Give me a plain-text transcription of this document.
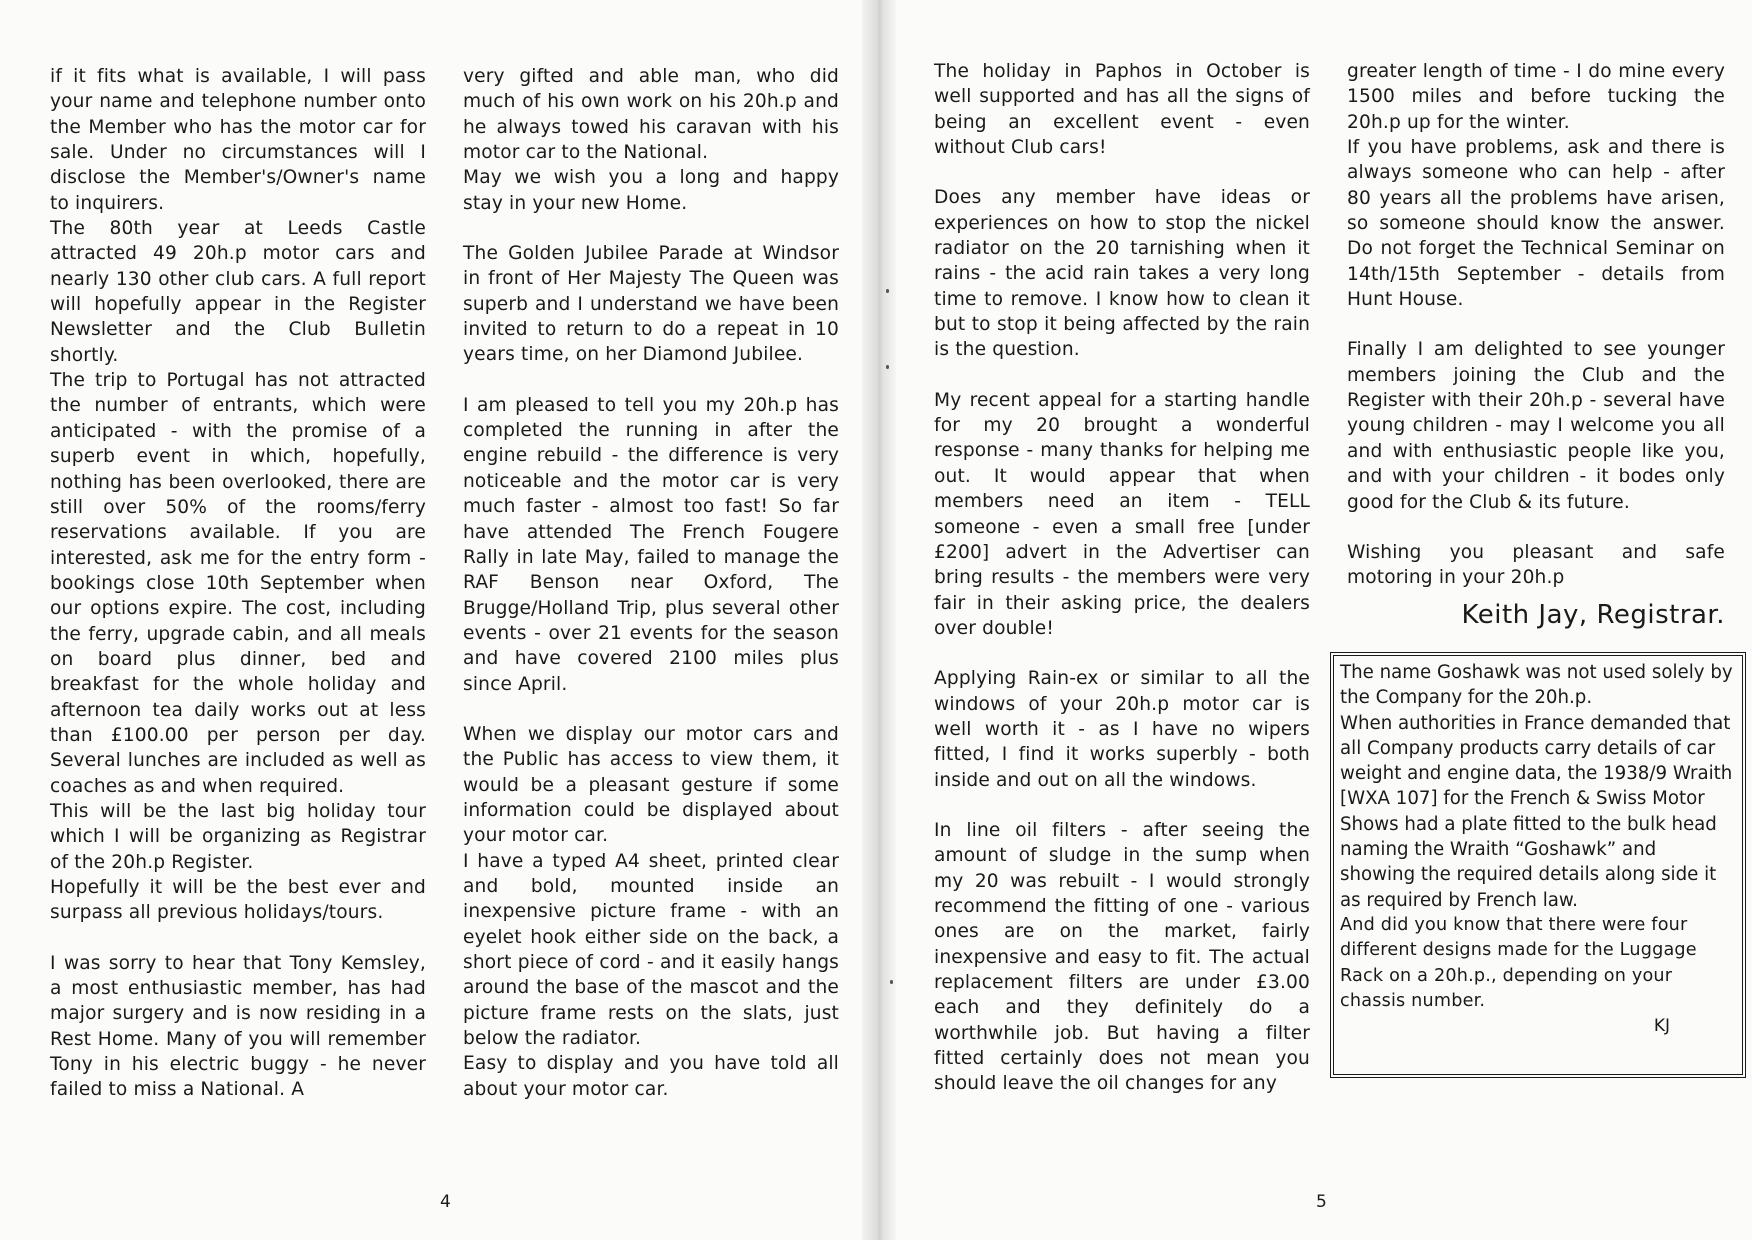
if it fits what is available, I will pass your name and telephone number onto the Member who has the motor car for sale. Under no circumstances will I disclose the Member's/Owner's name to inquirers.

The 80th year at Leeds Castle attracted 49 20h.p motor cars and nearly 130 other club cars. A full report will hopefully appear in the Register Newsletter and the Club Bulletin shortly.

The trip to Portugal has not attracted the number of entrants, which were anticipated - with the promise of a superb event in which, hopefully, nothing has been overlooked, there are still over 50% of the rooms/ferry reservations available. If you are interested, ask me for the entry form - bookings close 10th September when our options expire. The cost, including the ferry, upgrade cabin, and all meals on board plus dinner, bed and breakfast for the whole holiday and afternoon tea daily works out at less than £100.00 per person per day. Several lunches are included as well as coaches as and when required.

This will be the last big holiday tour which I will be organizing as Registrar of the 20h.p Register.

Hopefully it will be the best ever and surpass all previous holidays/tours.

I was sorry to hear that Tony Kemsley, a most enthusiastic member, has had major surgery and is now residing in a Rest Home. Many of you will remember Tony in his electric buggy - he never failed to miss a National. A

very gifted and able man, who did much of his own work on his 20h.p and he always towed his caravan with his motor car to the National.

May we wish you a long and happy stay in your new Home.

The Golden Jubilee Parade at Windsor in front of Her Majesty The Queen was superb and I understand we have been invited to return to do a repeat in 10 years time, on her Diamond Jubilee.

I am pleased to tell you my 20h.p has completed the running in after the engine rebuild - the difference is very noticeable and the motor car is very much faster - almost too fast! So far have attended The French Fougere Rally in late May, failed to manage the RAF Benson near Oxford, The Brugge/Holland Trip, plus several other events - over 21 events for the season and have covered 2100 miles plus since April.

When we display our motor cars and the Public has access to view them, it would be a pleasant gesture if some information could be displayed about your motor car.

I have a typed A4 sheet, printed clear and bold, mounted inside an inexpensive picture frame - with an eyelet hook either side on the back, a short piece of cord - and it easily hangs around the base of the mascot and the picture frame rests on the slats, just below the radiator.

Easy to display and you have told all about your motor car.

4

The holiday in Paphos in October is well supported and has all the signs of being an excellent event - even without Club cars!

Does any member have ideas or experiences on how to stop the nickel radiator on the 20 tarnishing when it rains - the acid rain takes a very long time to remove. I know how to clean it but to stop it being affected by the rain is the question.

My recent appeal for a starting handle for my 20 brought a wonderful response - many thanks for helping me out. It would appear that when members need an item - TELL someone - even a small free [under £200] advert in the Advertiser can bring results - the members were very fair in their asking price, the dealers over double!

Applying Rain-ex or similar to all the windows of your 20h.p motor car is well worth it - as I have no wipers fitted, I find it works superbly - both inside and out on all the windows.

In line oil filters - after seeing the amount of sludge in the sump when my 20 was rebuilt - I would strongly recommend the fitting of one - various ones are on the market, fairly inexpensive and easy to fit. The actual replacement filters are under £3.00 each and they definitely do a worthwhile job. But having a filter fitted certainly does not mean you should leave the oil changes for any

greater length of time - I do mine every 1500 miles and before tucking the 20h.p up for the winter.

If you have problems, ask and there is always someone who can help - after 80 years all the problems have arisen, so someone should know the answer. Do not forget the Technical Seminar on 14th/15th September - details from Hunt House.

Finally I am delighted to see younger members joining the Club and the Register with their 20h.p - several have young children - may I welcome you all and with enthusiastic people like you, and with your children - it bodes only good for the Club & its future.

Wishing you pleasant and safe motoring in your 20h.p

Keith Jay, Registrar.

The name Goshawk was not used solely by the Company for the 20h.p.

When authorities in France demanded that all Company products carry details of car weight and engine data, the 1938/9 Wraith [WXA 107] for the French & Swiss Motor Shows had a plate fitted to the bulk head naming the Wraith “Goshawk” and showing the required details along side it as required by French law.

And did you know that there were four different designs made for the Luggage Rack on a 20h.p., depending on your chassis number.

KJ

5
